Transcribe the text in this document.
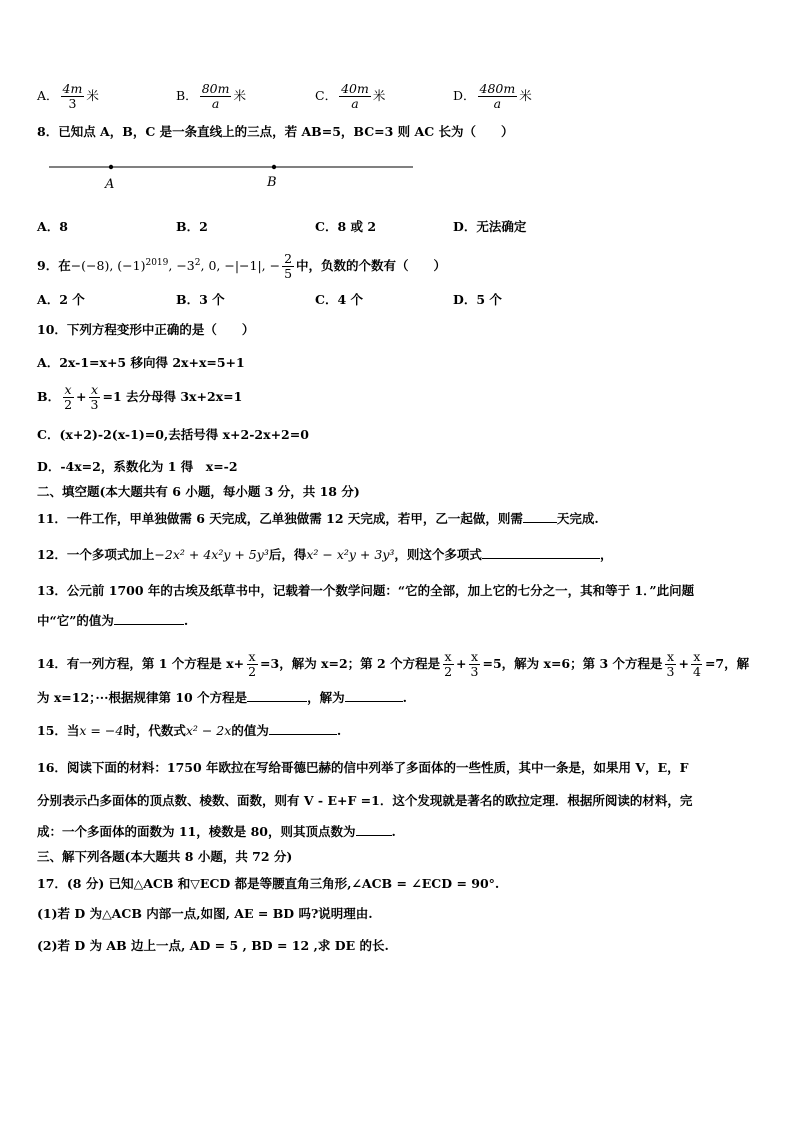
A． $\frac{4m}{3}$ 米	B． $\frac{80m}{a}$ 米	C． $\frac{40m}{a}$ 米	D． $\frac{480m}{a}$ 米
8．已知点 A，B，C 是一条直线上的三点，若 AB=5，BC=3 则 AC 长为（　　）
A	B
A．8	B．2	C．8 或 2	D．无法确定
9．在−(−8), $(-1)^{2019}$, $-3^2$, 0, −|−1|, − $\frac{2}{5}$ 中，负数的个数有（　　）
A．2 个	B．3 个	C．4 个	D．5 个
10．下列方程变形中正确的是（　　）
A．2x-1=x+5 移向得 2x+x=5+1
B． $\frac{x}{2} + \frac{x}{3} =1$ 去分母得 3x+2x=1
C．(x+2)-2(x-1)=0,去括号得 x+2-2x+2=0
D．-4x=2，系数化为 1 得　x=-2
二、填空题(本大题共有 6 小题，每小题 3 分，共 18 分)
11．一件工作，甲单独做需 6 天完成，乙单独做需 12 天完成，若甲，乙一起做，则需	天完成.
12．一个多项式加上−2x² + 4x²y + 5y³后，得x² − x²y + 3y³，则这个多项式	，
13．公元前 1700 年的古埃及纸草书中，记载着一个数学问题：“它的全部，加上它的七分之一，其和等于 1．”此问题
中“它”的值为	.
14．有一列方程，第 1 个方程是 $x+ \frac{x}{2} =3$，解为 x=2；第 2 个方程是 $\frac{x}{2} + \frac{x}{3} =5$，解为 x=6；第 3 个方程是 $\frac{x}{3} + \frac{x}{4} =7$，解
为 x=12；···根据规律第 10 个方程是	，解为	.
15．当x = −4时，代数式x² − 2x的值为	.
16．阅读下面的材料：1750 年欧拉在写给哥德巴赫的信中列举了多面体的一些性质，其中一条是，如果用 V，E，F
分别表示凸多面体的顶点数、棱数、面数，则有 V - E+F =1．这个发现就是著名的欧拉定理．根据所阅读的材料，完
成：一个多面体的面数为 11，棱数是 80，则其顶点数为	.
三、解下列各题(本大题共 8 小题，共 72 分)
17．(8 分) 已知△ACB 和▽ECD 都是等腰直角三角形,∠ACB = ∠ECD = 90°.
(1)若 D 为△ACB 内部一点,如图, AE = BD 吗?说明理由.
(2)若 D 为 AB 边上一点, AD = 5 , BD = 12 ,求 DE 的长.
